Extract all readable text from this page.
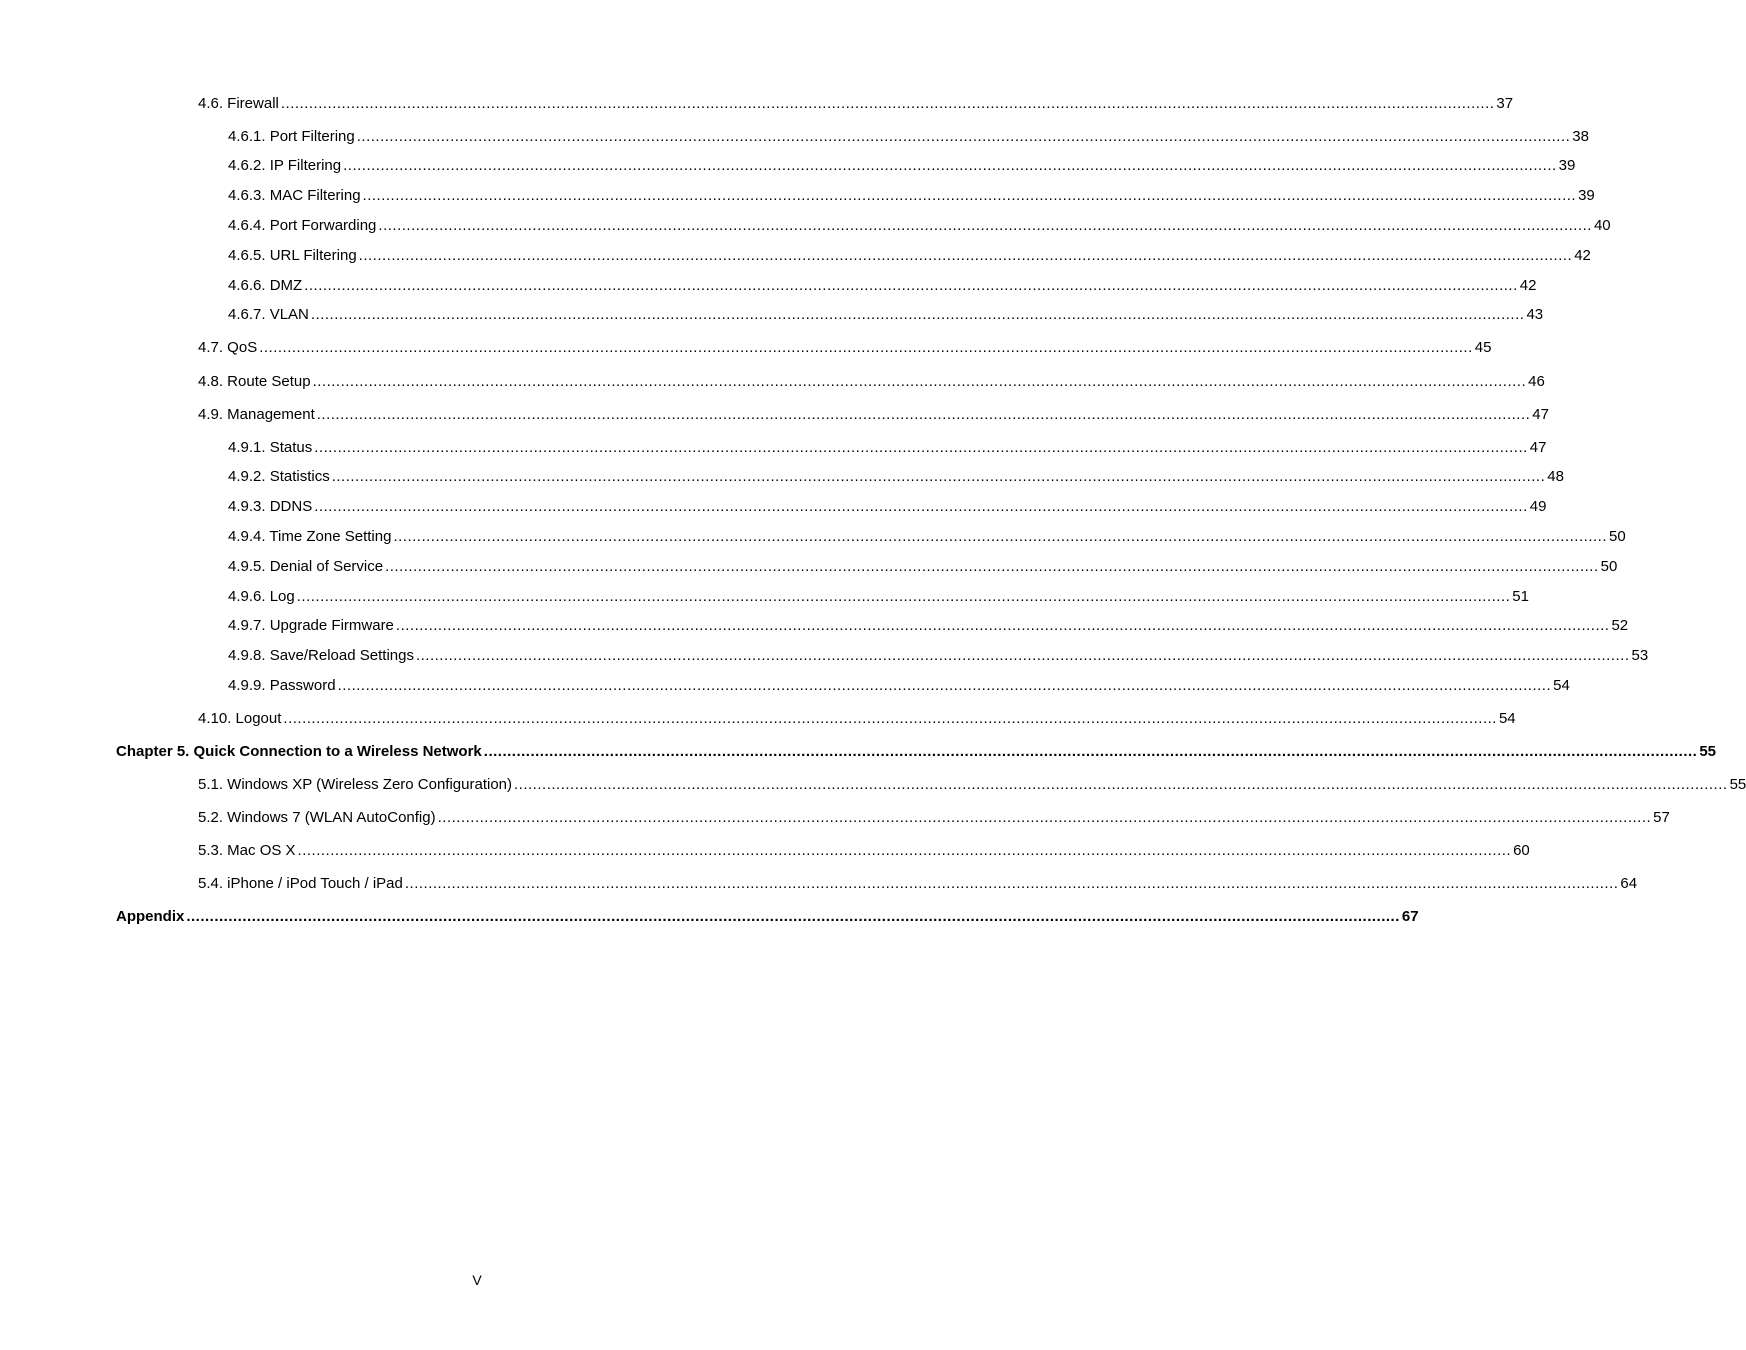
4.6. Firewall .................................................................................................................................................................................................................................................................... 37
4.6.1. Port Filtering .................................................................................................................................................................................................................................................................... 38
4.6.2. IP Filtering .................................................................................................................................................................................................................................................................... 39
4.6.3. MAC Filtering .................................................................................................................................................................................................................................................................... 39
4.6.4. Port Forwarding .................................................................................................................................................................................................................................................................... 40
4.6.5. URL Filtering .................................................................................................................................................................................................................................................................... 42
4.6.6. DMZ .................................................................................................................................................................................................................................................................... 42
4.6.7. VLAN .................................................................................................................................................................................................................................................................... 43
4.7. QoS .................................................................................................................................................................................................................................................................... 45
4.8. Route Setup .................................................................................................................................................................................................................................................................... 46
4.9. Management .................................................................................................................................................................................................................................................................... 47
4.9.1. Status .................................................................................................................................................................................................................................................................... 47
4.9.2. Statistics .................................................................................................................................................................................................................................................................... 48
4.9.3. DDNS .................................................................................................................................................................................................................................................................... 49
4.9.4. Time Zone Setting .................................................................................................................................................................................................................................................................... 50
4.9.5. Denial of Service .................................................................................................................................................................................................................................................................... 50
4.9.6. Log .................................................................................................................................................................................................................................................................... 51
4.9.7. Upgrade Firmware .................................................................................................................................................................................................................................................................... 52
4.9.8. Save/Reload Settings .................................................................................................................................................................................................................................................................... 53
4.9.9. Password .................................................................................................................................................................................................................................................................... 54
4.10. Logout .................................................................................................................................................................................................................................................................... 54
Chapter 5. Quick Connection to a Wireless Network .................................................................................................................................................................................................................................................................... 55
5.1. Windows XP (Wireless Zero Configuration) .................................................................................................................................................................................................................................................................... 55
5.2. Windows 7 (WLAN AutoConfig) .................................................................................................................................................................................................................................................................... 57
5.3. Mac OS X .................................................................................................................................................................................................................................................................... 60
5.4. iPhone / iPod Touch / iPad .................................................................................................................................................................................................................................................................... 64
Appendix .................................................................................................................................................................................................................................................................... 67
V
